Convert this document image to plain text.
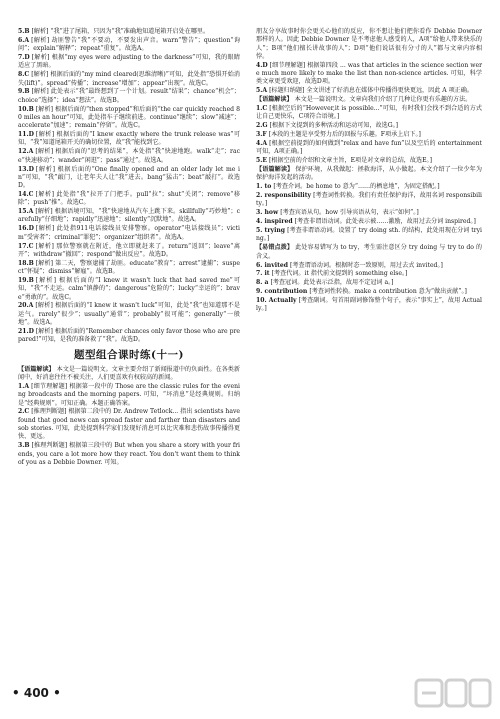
5.B [解析] “我”进了尾箱，只因为“我”准确地知道尾箱开启处在哪里。
6.A [解析] 劫匪警告“我”不要动，不要发出声音。warn“警告”；question“询问”；explain“解释”；repeat“重复”。故选A。
7.D [解析] 根据“my eyes were adjusting to the darkness”可知，我的眼睛适应了黑暗。
8.C [解析] 根据后面的“my mind cleared(思维清晰)”可知，此处指“恐惧开始消失(lift)”。spread“传播”；increase“增加”；appear“出现”。故选C。
9.B [解析] 此处表示“我”最终想到了一个计划。result“结果”；chance“机会”；choice“选择”；idea“想法”。故选B。
10.B [解析] 根据后面的“then stopped”和后面的“the car quickly reached 80 miles an hour”可知，此处指车子继续前进。continue“继续”；slow“减速”；accelerate“加速”；remain“停留”。故选C。
11.D [解析] 根据后面的“I knew exactly where the trunk release was”可知，“我”知道尾箱开关的确切位置，故“我”能找到它。
12.A [解析] 根据后面的“思考的结果”，本处指“我”快速地跑。walk“走”；race“快速移动”；wander“闲逛”；pass“通过”。故选A。
13.D [解析] 根据后面的“One finally opened and an older lady let me in”可知，“我”敲门，让老年夫人让“我”进去。bang“猛击”；beat“敲打”。故选D。
14.C [解析] 此处指“我”拉开了门把手。pull“拉”；shut“关闭”；remove“移除”；push“推”。故选C。
15.A [解析] 根据语境可知，“我”快速地从汽车上跳下来。skillfully“巧妙地”；carefully“仔细地”；rapidly“迅速地”；silently“沉默地”。故选A。
16.D [解析] 此处指911电话接线员安排警察。operator“电话接线员”；victim“受害者”；criminal“罪犯”；organizer“组织者”。故选A。
17.C [解析] 那位警察就在附近，他立即就赶来了。return“返回”；leave“离开”；withdraw“撤回”；respond“做出反应”。故选D。
18.B [解析] 第二天，警察逮捕了劫匪。educate“教育”；arrest“逮捕”；suspect“怀疑”；dismiss“解雇”。故选B。
19.B [解析] 根据后面的“I knew it wasn't luck that had saved me”可知，“我”不走运。calm“镇静的”；dangerous“危险的”；lucky“幸运的”；brave“勇敢的”。故选C。
20.A [解析] 根据后面的“I knew it wasn't luck”可知，此处“我”也知道那不是运气。rarely“很少”；usually“通常”；probably“很可能”；generally“一般地”。故选A。
21.D [解析] 根据后面的“Remember chances only favor those who are prepared!”可知，是我的准备救了“我”。故选D。
题型组合课时练(十一)
【语篇解读】 本文是一篇说明文。文章主要介绍了新闻报道中的负面性。在各类新闻中，好消息往往不被关注，人们更喜欢有权较高的新闻。
1.A [细节理解题] 根据第一段中的 Those are the classic rules for the evening broadcasts and the morning papers. 可知，“坏消息”是经典规则。归纳是“经典规则”。可知正确。本题正确答案。
2.C [推理判断题] 根据第二段中的 Dr. Andrew Tetlock... 指出 scientists have found that good news can spread faster and farther than disasters and sob stories. 可知，此处提到科学家们发现好消息可以比灾难和悲伤故事传播得更快、更远。
3.B [推理判断题] 根据第三段中的 But when you share a story with your friends, you care a lot more how they react. You don't want them to think of you as a Debbie Downer. 可知。
朋友分享故事时你会更关心他们的反应，你不想让他们把你看作 Debbie Downer 那样的人。因此 Debbie Downer 是不考虑他人感受的人，A项“给他人带来快乐的人”；B项“他们擅长讲故事的人”；D项“他们说话很有分寸的人”都与文章内容相悖。
4.D [细节理解题] 根据第四段 ... was that articles in the science section were much more likely to make the list than non-science articles. 可知，科学类文章更受欢迎，故选D项。
5.A [标题归纳题] 全文讲述了好消息在媒体中传播得更快更远，因此 A 项正确。
【语篇解读】 本文是一篇说明文。文章向我们介绍了几种让你更有乐趣的方法。
1.C [根据空后的“However,it is possible...”可知，有时我们会找不到合适的方式让自己更快乐，C项符合语境。]
2.G [根据下文提到的多种活动和运动可知，故选G。]
3.F [本段的主题是享受努力后的回报与乐趣。F项承上启下。]
4.A [根据空前提到的如何做到“relax and have fun”以及空后的 entertainment 可知，A项正确。]
5.E [根据空前的介绍和文章主旨，E项是对文章的总结，故选E。]
【语篇解读】 保护环境，从我做起：拯救海洋，从小做起。本文介绍了一位少年为保护海洋发起的活动。
1. to [考查介词。be home to 意为“……的栖息地”，为固定搭配。]
2. responsibility [考查词性转换。我们有责任保护海洋，故用名词 responsibility。]
3. how [考查宾语从句。how 引导宾语从句，表示“如何”。]
4. inspired [考查非谓语动词。此处表示被……激励，故用过去分词 inspired。]
5. trying [考查非谓语动词。设置了 try doing sth. 的结构，此处用现在分词 trying。]
【易错点拨】 此处容易错写为 to try，考生需注意区分 try doing 与 try to do 的含义。
6. invited [考查谓语动词。根据时态一致原则，用过去式 invited。]
7. it [考查代词。it 指代前文提到的 something else。]
8. a [考查冠词。此处表示泛指，故用不定冠词 a。]
9. contribution [考查词性转换。make a contribution 意为“做出贡献”。]
10. Actually [考查副词。句首用副词修饰整个句子，表示“事实上”，故用 Actually。]
• 400 •
